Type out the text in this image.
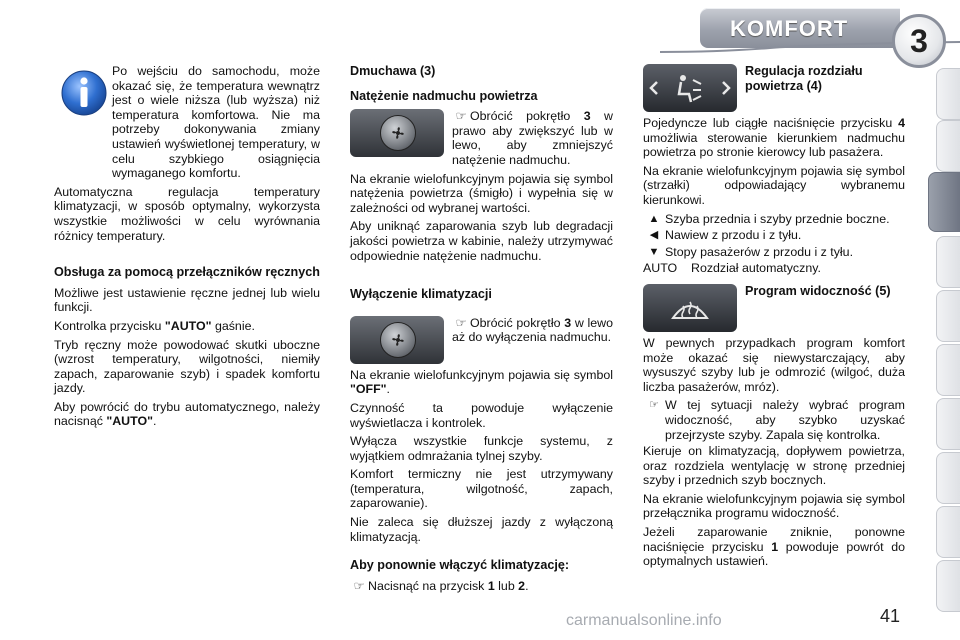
KOMFORT	3

Po wejściu do samochodu, może okazać się, że temperatura wewnątrz jest o wiele niższa (lub wyższa) niż temperatura komfortowa. Nie ma potrzeby dokonywania zmiany ustawień wyświetlonej temperatury, w celu szybkiego osiągnięcia wymaganego komfortu.

Automatyczna regulacja temperatury klimatyzacji, w sposób optymalny, wykorzysta wszystkie możliwości w celu wyrównania różnicy temperatury.

Obsługa za pomocą przełączników ręcznych

Możliwe jest ustawienie ręczne jednej lub wielu funkcji.

Kontrolka przycisku "AUTO" gaśnie.

Tryb ręczny może powodować skutki uboczne (wzrost temperatury, wilgotności, niemiły zapach, zaparowanie szyb) i spadek komfortu jazdy.

Aby powrócić do trybu automatycznego, należy nacisnąć "AUTO".

Dmuchawa (3)
Natężenie nadmuchu powietrza

☞ Obrócić pokrętło 3 w prawo aby zwiększyć lub w lewo, aby zmniejszyć natężenie nadmuchu.

Na ekranie wielofunkcyjnym pojawia się symbol natężenia powietrza (śmigło) i wypełnia się w zależności od wybranej wartości.

Aby uniknąć zaparowania szyb lub degradacji jakości powietrza w kabinie, należy utrzymywać odpowiednie natężenie nadmuchu.

Wyłączenie klimatyzacji

☞ Obrócić pokrętło 3 w lewo aż do wyłączenia nadmuchu.

Na ekranie wielofunkcyjnym pojawia się symbol "OFF".

Czynność ta powoduje wyłączenie wyświetlacza i kontrolek.

Wyłącza wszystkie funkcje systemu, z wyjątkiem odmrażania tylnej szyby.

Komfort termiczny nie jest utrzymywany (temperatura, wilgotność, zapach, zaparowanie).

Nie zaleca się dłuższej jazdy z wyłączoną klimatyzacją.

Aby ponownie włączyć klimatyzację:

☞ Nacisnąć na przycisk 1 lub 2.

Regulacja rozdziału powietrza (4)

Pojedyncze lub ciągłe naciśnięcie przycisku 4 umożliwia sterowanie kierunkiem nadmuchu powietrza po stronie kierowcy lub pasażera.

Na ekranie wielofunkcyjnym pojawia się symbol (strzałki) odpowiadający wybranemu kierunkowi.

▲ Szyba przednia i szyby przednie boczne.
◀ Nawiew z przodu i z tyłu.
▼ Stopy pasażerów z przodu i z tyłu.
AUTO	Rozdział automatyczny.
Program widoczność (5)

W pewnych przypadkach program komfort może okazać się niewystarczający, aby wysuszyć szyby lub je odmrozić (wilgoć, duża liczba pasażerów, mróz).

☞ W tej sytuacji należy wybrać program widoczność, aby szybko uzyskać przejrzyste szyby. Zapala się kontrolka.

Kieruje on klimatyzacją, dopływem powietrza, oraz rozdziela wentylację w stronę przedniej szyby i przednich szyb bocznych.

Na ekranie wielofunkcyjnym pojawia się symbol przełącznika programu widoczność.

Jeżeli zaparowanie zniknie, ponowne naciśnięcie przycisku 1 powoduje powrót do optymalnych ustawień.

carmanualsonline.info	41
